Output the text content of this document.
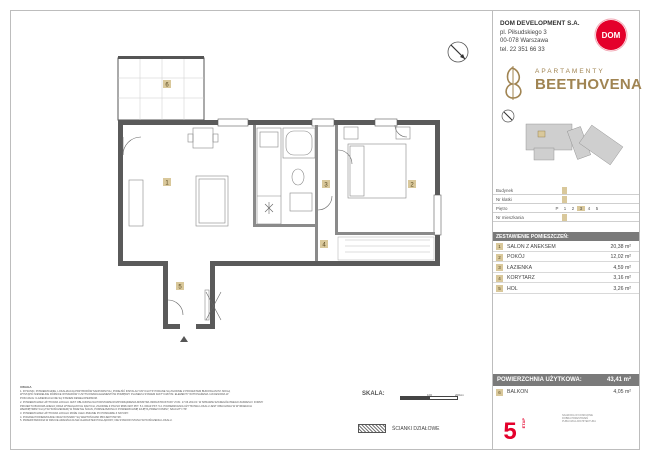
6
1	2
3
4
5
UWAGA
1. RYSUNKI, POWIERZCHNIE, LOKALIZACJA PRZYBORÓW SANITARNYCH, PODEJŚĆ INSTALACYJNYCH ITP. PODANE SĄ ZGODNIE Z PROJEKTEM BUDOWLANYM. MOGĄ
WYSTĄPIĆ NIEWIELKIE RÓŻNICE WYMIARÓW I USYTUOWANIA ELEMENTÓW POMIĘDZY PLANEM A STANEM FAKTYCZNYM. ELEMENTY WYPOSAŻENIA I AKCESORIA W
POKOJACH I ŁAZIENKACH NIE SĄ STANEM DEWELOPERSKIM.
2. POWIERZCHNIA UŻYTKOWA LOKALU JEST OBLICZONA NA PODSTAWIE ROZPORZĄDZENIA MINISTRA INFRASTRUKTURY Z DN. 17.06.2014 R. W SPRAWIE SZCZEGÓŁOWEGO ZAKRESU I FORMY
PROJEKTU BUDOWLANEGO ORAZ WYMAGANYCH DANYCH, ZGODNIE Z PN-ISO 9836:1997 PKT. 5.1 ORAZ PKT. 5.2. POWIERZCHNIA UŻYTKOWA LOKALU JEST OBLICZANA W WYMIARACH
WEWNĘTRZNYCH (Z WYKOŃCZENIEM) W ŚWIETLE ŚCIAN, POMNIEJSZONA O POWIERZCHNIĘ ZAJĘTĄ PRZEZ KOMINY, SZACHTY ITP.
3. POWIERZCHNIA UŻYTKOWA LOKALU MOŻE ULEC ZMIANIE PO POMIARZE Z NATURY.
4. PODANE POWIERZCHNIE ORAZ WYMIARY SĄ WARTOŚCIAMI PROJEKTOWYMI.
5. PRZEDSTAWIONA W RZUCIE ARANŻACJA MA CHARAKTER POGLĄDOWY, NIE STANOWI STANU WYKOŃCZENIA LOKALU.
SKALA:	100	200cm
ŚCIANKI DZIAŁOWE
DOM DEVELOPMENT S.A.
pl. Piłsudskiego 3
00-078 Warszawa
tel. 22 351 66 33
DOM
APARTAMENTY
BEETHOVENA
Budynek
Nr klatki
Piętro	P	1	2	3	4	5
Nr mieszkania
ZESTAWIENIE POMIESZCZEŃ:
1	SALON Z ANEKSEM	20,38 m²
2	POKÓJ	12,02 m²
3	ŁAZIENKA	4,59 m²
4	KORYTARZ	3,16 m²
5	HOL	3,26 m²
POWIERZCHNIA UŻYTKOWA:	43,41 m²
6	BALKON	4,05 m²
5 ETAP
NAGRODA W KONKURSIE DOBRA PRZESTRZEŃ PUBLICZNA ARCHITEKTURA
